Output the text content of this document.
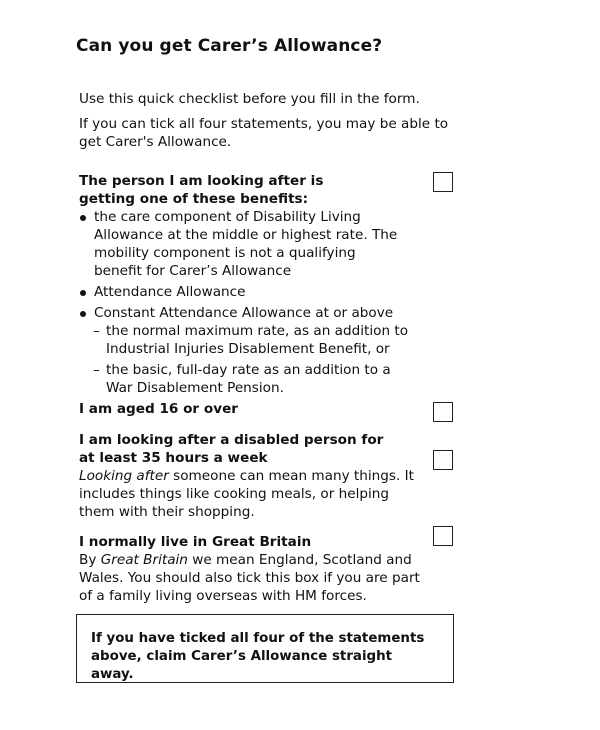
Can you get Carer’s Allowance?
Use this quick checklist before you fill in the form.
If you can tick all four statements, you may be able to get Carer's Allowance.
The person I am looking after is getting one of these benefits:
the care component of Disability Living Allowance at the middle or highest rate. The mobility component is not a qualifying benefit for Carer’s Allowance
Attendance Allowance
Constant Attendance Allowance at or above
– the normal maximum rate, as an addition to Industrial Injuries Disablement Benefit, or
– the basic, full-day rate as an addition to a War Disablement Pension.
I am aged 16 or over
I am looking after a disabled person for at least 35 hours a week
Looking after someone can mean many things. It includes things like cooking meals, or helping them with their shopping.
I normally live in Great Britain
By Great Britain we mean England, Scotland and Wales. You should also tick this box if you are part of a family living overseas with HM forces.
If you have ticked all four of the statements above, claim Carer’s Allowance straight away.
